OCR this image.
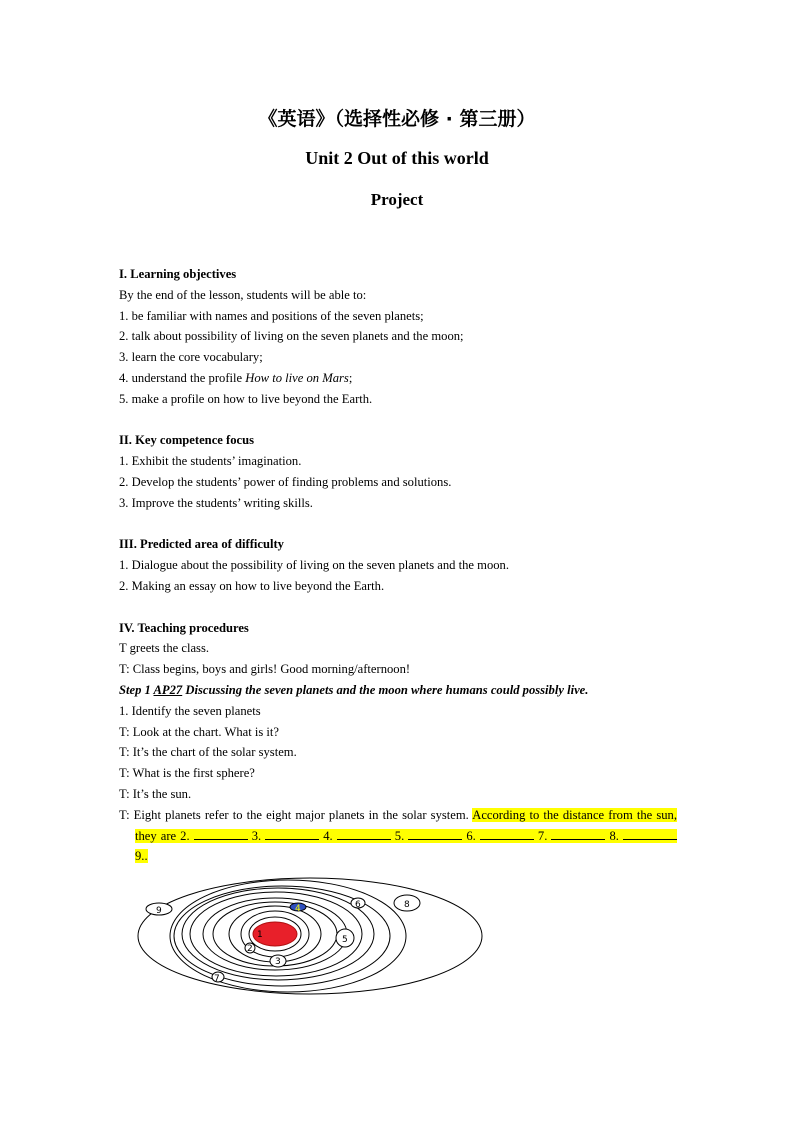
《英语》（选择性必修 · 第三册）
Unit 2 Out of this world
Project
I. Learning objectives
By the end of the lesson, students will be able to:
1. be familiar with names and positions of the seven planets;
2. talk about possibility of living on the seven planets and the moon;
3. learn the core vocabulary;
4. understand the profile How to live on Mars;
5. make a profile on how to live beyond the Earth.
II. Key competence focus
1. Exhibit the students’ imagination.
2. Develop the students’ power of finding problems and solutions.
3. Improve the students’ writing skills.
III. Predicted area of difficulty
1. Dialogue about the possibility of living on the seven planets and the moon.
2. Making an essay on how to live beyond the Earth.
IV. Teaching procedures
T greets the class.
T: Class begins, boys and girls! Good morning/afternoon!
Step 1 AP27 Discussing the seven planets and the moon where humans could possibly live.
1. Identify the seven planets
T: Look at the chart. What is it?
T: It’s the chart of the solar system.
T: What is the first sphere?
T: It’s the sun.
T: Eight planets refer to the eight major planets in the solar system. According to the distance from the sun, they are 2.	3.	4.	5.	6.	7.	8.  9..
1
2
3
4
5
6
7
8
9
